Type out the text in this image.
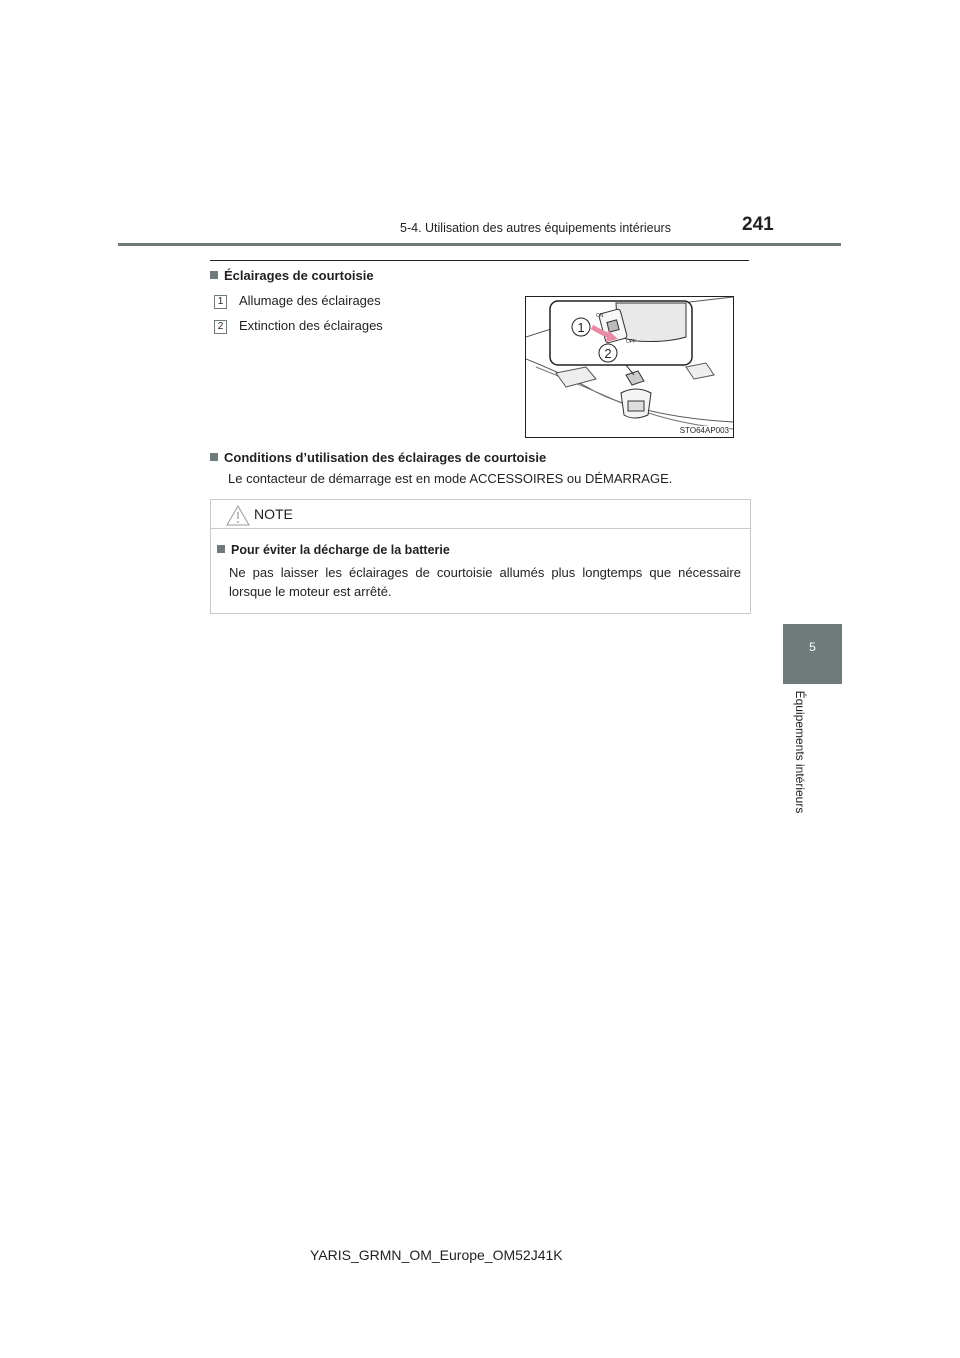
5-4. Utilisation des autres équipements intérieurs	241
5
Équipements intérieurs
Éclairages de courtoisie
1 Allumage des éclairages
2 Extinction des éclairages
ON
OFF
1
2
STO64AP003
Conditions d’utilisation des éclairages de courtoisie
Le contacteur de démarrage est en mode ACCESSOIRES ou DÉMARRAGE.
NOTE
Pour éviter la décharge de la batterie
Ne pas laisser les éclairages de courtoisie allumés plus longtemps que nécessaire lorsque le moteur est arrêté.
YARIS_GRMN_OM_Europe_OM52J41K
